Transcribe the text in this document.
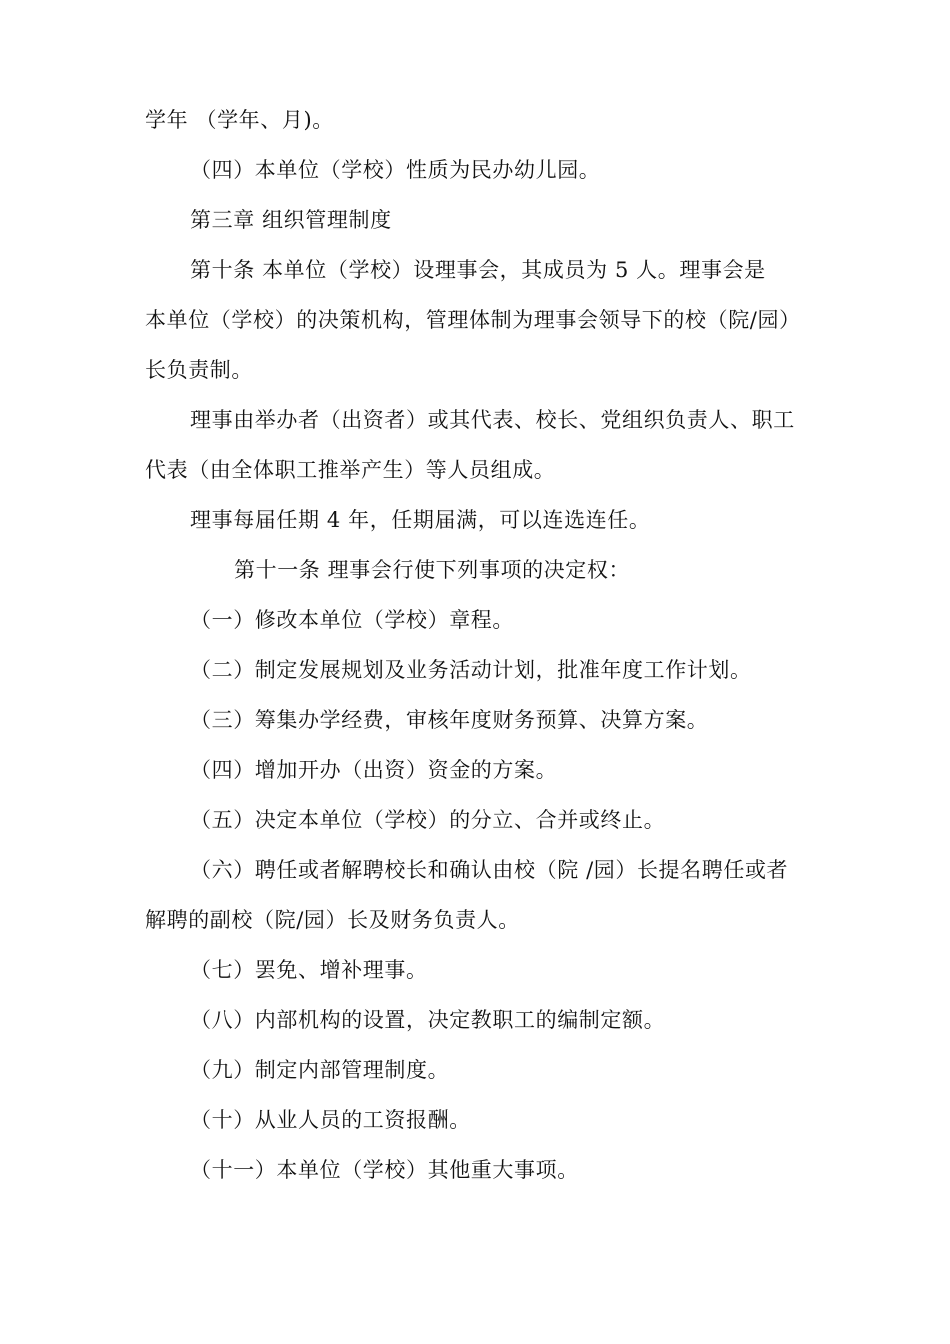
学年 （学年、月)。
（四）本单位（学校）性质为民办幼儿园。
第三章 组织管理制度
第十条 本单位（学校）设理事会，其成员为 5 人。理事会是
本单位（学校）的决策机构，管理体制为理事会领导下的校（院/园）
长负责制。
理事由举办者（出资者）或其代表、校长、党组织负责人、职工
代表（由全体职工推举产生）等人员组成。
理事每届任期 4 年，任期届满，可以连选连任。
第十一条 理事会行使下列事项的决定权：
（一）修改本单位（学校）章程。
（二）制定发展规划及业务活动计划，批准年度工作计划。
（三）筹集办学经费，审核年度财务预算、决算方案。
（四）增加开办（出资）资金的方案。
（五）决定本单位（学校）的分立、合并或终止。
（六）聘任或者解聘校长和确认由校（院 /园）长提名聘任或者
解聘的副校（院/园）长及财务负责人。
（七）罢免、增补理事。
（八）内部机构的设置，决定教职工的编制定额。
（九）制定内部管理制度。
（十）从业人员的工资报酬。
（十一）本单位（学校）其他重大事项。
